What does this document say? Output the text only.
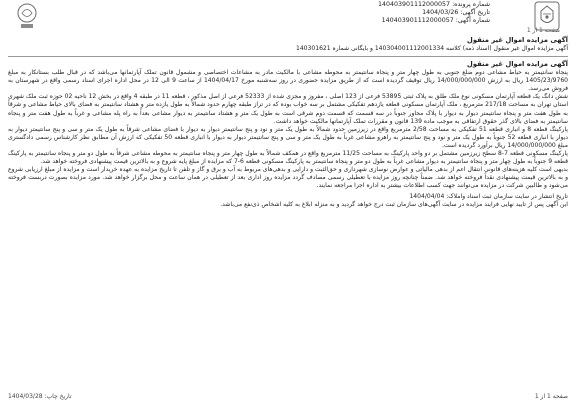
شماره پرونده: 140403901112000057
تاریخ آگهی: 1404/03/26
شماره آگهی: 140403901112000057
صفحه 1 از 1
آگهی مزایده اموال غیر منقول

آگهی مزایده اموال غیر منقول (اسناد ذمه) کلاسه 140304001112001334 و بایگانی شماره 140301621

آگهی مزایده اموال غیر منقول

پنجاه سانتیمتر به حیاط مشاعی دوم ضلع جنوبی به طول چهار متر و پنجاه سانتیمتر به محوطه مشاعی با مالکیت مادر به مشاعات اختصاصی و مشمول قانون تملک آپارتمانها می‌باشد که در قبال طلب بستانکار به مبلغ 1405/23/9760 ریال به ارزش 14/000/000/000 ریال توقیف گردیده است که از طریق مزایده حضوری در روز سه‌شنبه مورخ 1404/04/17 از ساعت 9 الی 12 در محل اداره اجرای اسناد رسمی واقع در شهرستان به فروش می‌رسد.

شش دانگ یک قطعه آپارتمان مسکونی نوع ملک طلق به پلاک ثبتی 53895 فرعی از 123 اصلی ، مفروز و مجزی شده از 52333 فرعی از اصل مذکور ، قطعه 11 در طبقه 4 واقع در بخش 12 ناحیه 02 حوزه ثبت ملک شهری استان تهران به مساحت 217/18 مترمربع ، ملک آپارتمان مسکونی قطعه یازدهم تفکیکی مشتمل بر سه خواب بوده که در تراز طبقه چهارم حدود شمالاً به طول یازده متر و هشتاد سانتیمتر به فضای بالای حیاط مشاعی و شرقاً به طول هفت متر و پنجاه سانتیمتر دیوار به دیوار با پلاک مجاور جنوباً در سه قسمت که قسمت دوم شرقی است به طول یک متر و هشتاد سانتیمتر به دیوار مشاعی بعداً به راه پله مشاعی و غرباً به طول هفت متر و پنجاه سانتیمتر به فضای بالای گذر حقوق ارتفاقی به موجب ماده 139 قانون و مقررات تملک آپارتمانها مالکیت خواهد داشت.

پارکینگ قطعه 8 و انباری قطعه 51 تفکیکی به مساحت 2/58 مترمربع واقع در زیرزمین حدود شمالاً به طول یک متر و نود و پنج سانتیمتر دیوار به دیوار با فضای مشاعی شرقاً به طول یک متر و سی و پنج سانتیمتر دیوار به دیوار با انباری قطعه 52 جنوباً به طول یک متر و نود و پنج سانتیمتر به راهرو مشاعی غرباً به طول یک متر و سی و پنج سانتیمتر دیوار به دیوار با انباری قطعه 50 تفکیکی که ارزش آن مطابق نظر کارشناس رسمی دادگستری مبلغ 14/000/000/000 ریال برآورد گردیده است.

پارکینگ مسکونی قطعه 7-8 سطح زیرزمین مشتمل بر دو واحد پارکینگ به مساحت 11/25 مترمربع واقع در همکف شمالاً به طول چهار متر و پنجاه سانتیمتر به محوطه مشاعی شرقاً به طول دو متر و پنجاه سانتیمتر به پارکینگ قطعه 9 جنوباً به طول چهار متر و پنجاه سانتیمتر به دیوار مشاعی غرباً به طول دو متر و پنجاه سانتیمتر به پارکینگ مسکونی قطعه 6-7 که مزایده از مبلغ پایه شروع و به بالاترین قیمت پیشنهادی فروخته خواهد شد.

بدیهی است کلیه هزینه‌های قانونی انتقال اعم از بدهی مالیاتی و عوارض نوسازی شهرداری و حق‌الثبت و دارایی و بدهی‌های مربوط به آب و برق و گاز و تلفن تا تاریخ مزایده به عهده خریدار است و مزایده از مبلغ ارزیابی شروع و به بالاترین قیمت پیشنهادی نقداً فروخته خواهد شد. ضمناً چنانچه روز مزایده با تعطیلی رسمی مصادف گردد مزایده روز اداری بعد از تعطیلی در همان ساعت و محل برگزار خواهد شد. مورد مزایده بصورت دربست فروخته می‌شود و طالبین شرکت در مزایده می‌توانند جهت کسب اطلاعات بیشتر به اداره اجرا مراجعه نمایند.

تاریخ انتشار در سایت سازمان ثبت اسناد واملاک: 1404/04/04

این آگهی پس از تایید نهایی فرایند مزایده در سایت آگهی‌های سازمان ثبت درج خواهد گردید و به منزله ابلاغ به کلیه اشخاص ذی‌نفع می‌باشد.

صفحه 1 از 1
تاریخ چاپ: 1404/03/28
